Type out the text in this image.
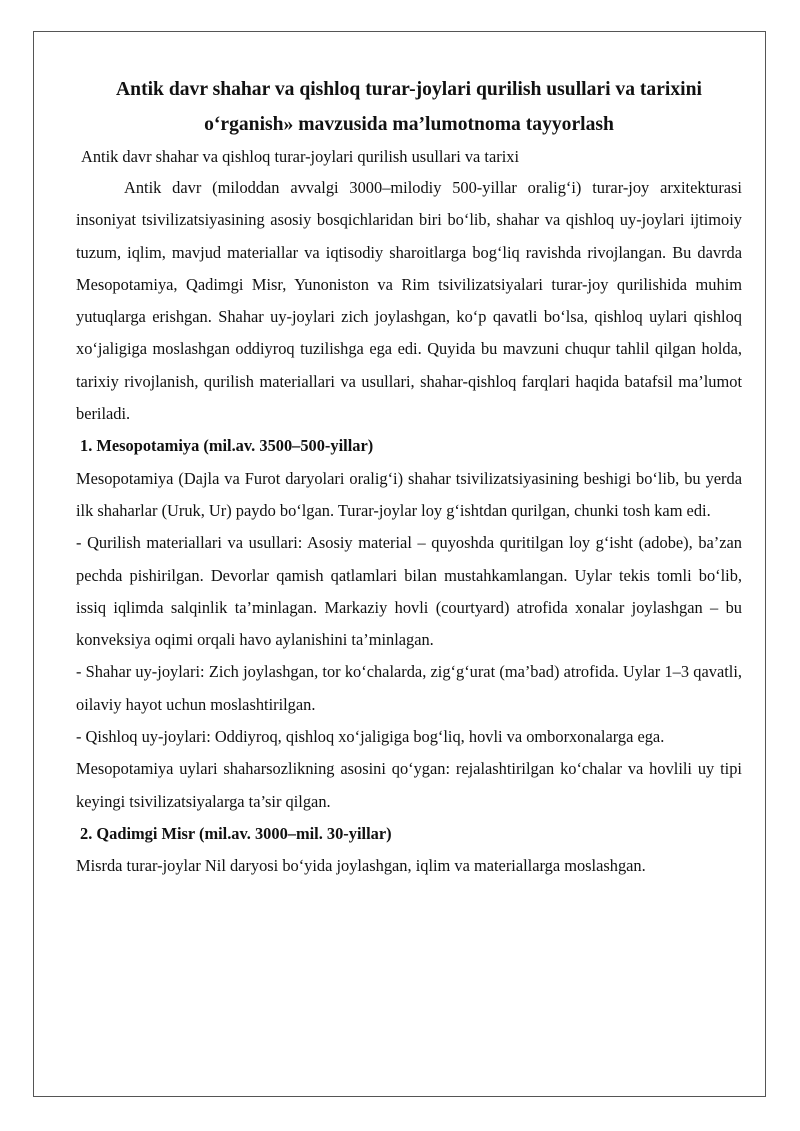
Antik davr shahar va qishloq turar-joylari qurilish usullari va tarixini o‘rganish» mavzusida ma’lumotnoma tayyorlash

Antik davr shahar va qishloq turar-joylari qurilish usullari va tarixi

Antik davr (miloddan avvalgi 3000–milodiy 500-yillar oralig‘i) turar-joy arxitekturasi insoniyat tsivilizatsiyasining asosiy bosqichlaridan biri bo‘lib, shahar va qishloq uy-joylari ijtimoiy tuzum, iqlim, mavjud materiallar va iqtisodiy sharoitlarga bog‘liq ravishda rivojlangan. Bu davrda Mesopotamiya, Qadimgi Misr, Yunoniston va Rim tsivilizatsiyalari turar-joy qurilishida muhim yutuqlarga erishgan. Shahar uy-joylari zich joylashgan, ko‘p qavatli bo‘lsa, qishloq uylari qishloq xo‘jaligiga moslashgan oddiyroq tuzilishga ega edi. Quyida bu mavzuni chuqur tahlil qilgan holda, tarixiy rivojlanish, qurilish materiallari va usullari, shahar-qishloq farqlari haqida batafsil ma’lumot beriladi.

1. Mesopotamiya (mil.av. 3500–500-yillar)

Mesopotamiya (Dajla va Furot daryolari oralig‘i) shahar tsivilizatsiyasining beshigi bo‘lib, bu yerda ilk shaharlar (Uruk, Ur) paydo bo‘lgan. Turar-joylar loy g‘ishtdan qurilgan, chunki tosh kam edi.

- Qurilish materiallari va usullari: Asosiy material – quyoshda quritilgan loy g‘isht (adobe), ba’zan pechda pishirilgan. Devorlar qamish qatlamlari bilan mustahkamlangan. Uylar tekis tomli bo‘lib, issiq iqlimda salqinlik ta’minlagan. Markaziy hovli (courtyard) atrofida xonalar joylashgan – bu konveksiya oqimi orqali havo aylanishini ta’minlagan.

- Shahar uy-joylari: Zich joylashgan, tor ko‘chalarda, zig‘g‘urat (ma’bad) atrofida. Uylar 1–3 qavatli, oilaviy hayot uchun moslashtirilgan.

- Qishloq uy-joylari: Oddiyroq, qishloq xo‘jaligiga bog‘liq, hovli va omborxonalarga ega.

Mesopotamiya uylari shaharsozlikning asosini qo‘ygan: rejalashtirilgan ko‘chalar va hovlili uy tipi keyingi tsivilizatsiyalarga ta’sir qilgan.

2. Qadimgi Misr (mil.av. 3000–mil. 30-yillar)

Misrda turar-joylar Nil daryosi bo‘yida joylashgan, iqlim va materiallarga moslashgan.
